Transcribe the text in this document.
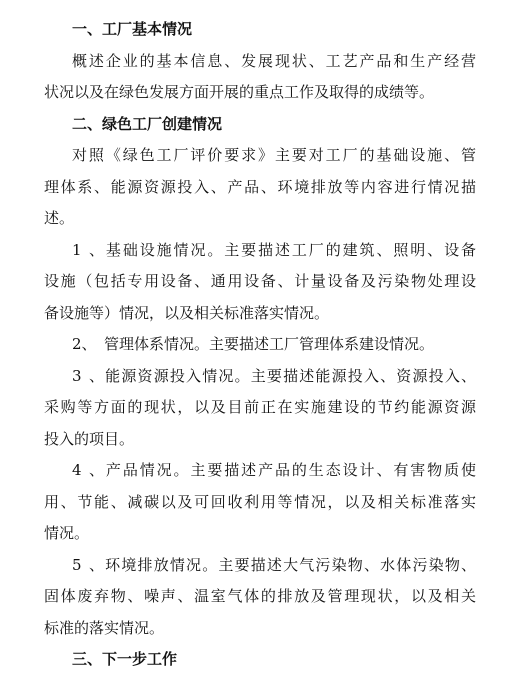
一、工厂基本情况
概述企业的基本信息、发展现状、工艺产品和生产经营
状况以及在绿色发展方面开展的重点工作及取得的成绩等。
二、绿色工厂创建情况
对照《绿色工厂评价要求》主要对工厂的基础设施、管
理体系、能源资源投入、产品、环境排放等内容进行情况描
述。
1、基础设施情况。主要描述工厂的建筑、照明、设备
设施（包括专用设备、通用设备、计量设备及污染物处理设
备设施等）情况，以及相关标准落实情况。
2、 管理体系情况。主要描述工厂管理体系建设情况。
3、能源资源投入情况。主要描述能源投入、资源投入、
采购等方面的现状，以及目前正在实施建设的节约能源资源
投入的项目。
4、产品情况。主要描述产品的生态设计、有害物质使
用、节能、减碳以及可回收利用等情况，以及相关标准落实
情况。
5、环境排放情况。主要描述大气污染物、水体污染物、
固体废弃物、噪声、温室气体的排放及管理现状，以及相关
标准的落实情况。
三、下一步工作
